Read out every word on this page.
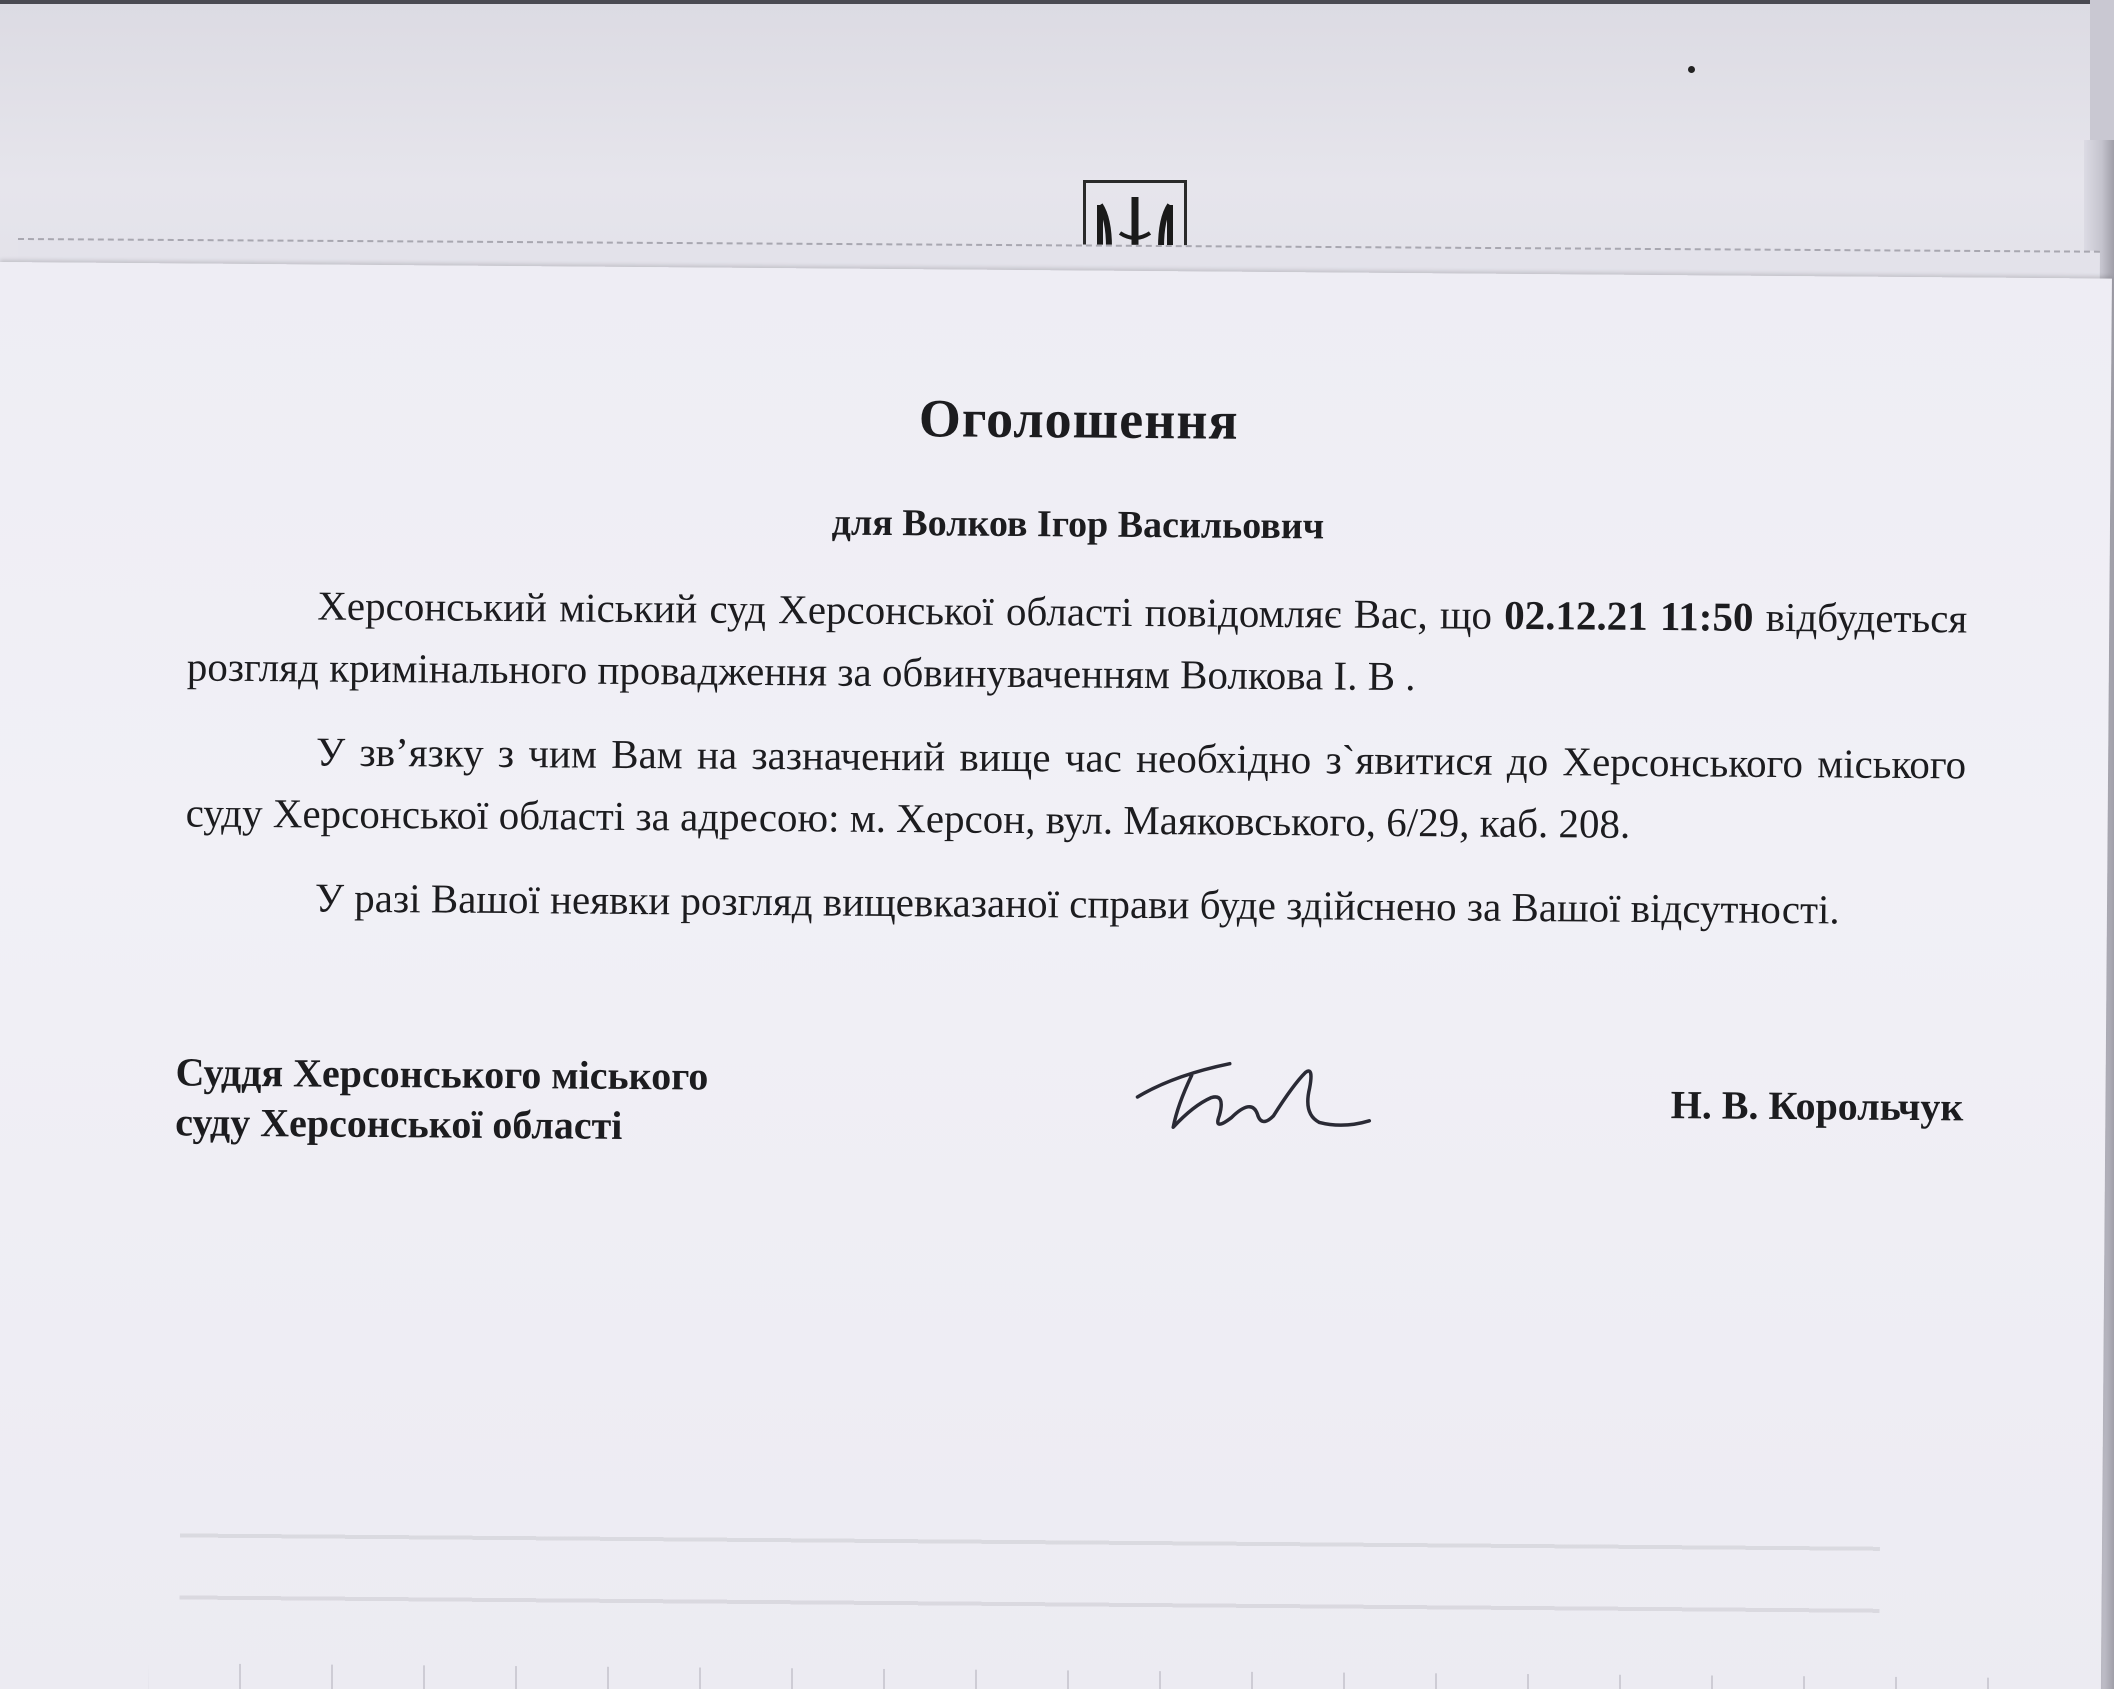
Оголошення
для Волков Ігор Васильович

Херсонський міський суд Херсонської області повідомляє Вас, що 02.12.21 11:50 відбудеться розгляд кримінального провадження за обвинуваченням Волкова І. В .

У зв’язку з чим Вам на зазначений вище час необхідно з`явитися до Херсонського міського суду Херсонської області за адресою: м. Херсон, вул. Маяковського, 6/29, каб. 208.

У разі Вашої неявки розгляд вищевказаної справи буде здійснено за Вашої відсутності.

Суддя Херсонського міського
суду Херсонської області	Н. В. Корольчук
